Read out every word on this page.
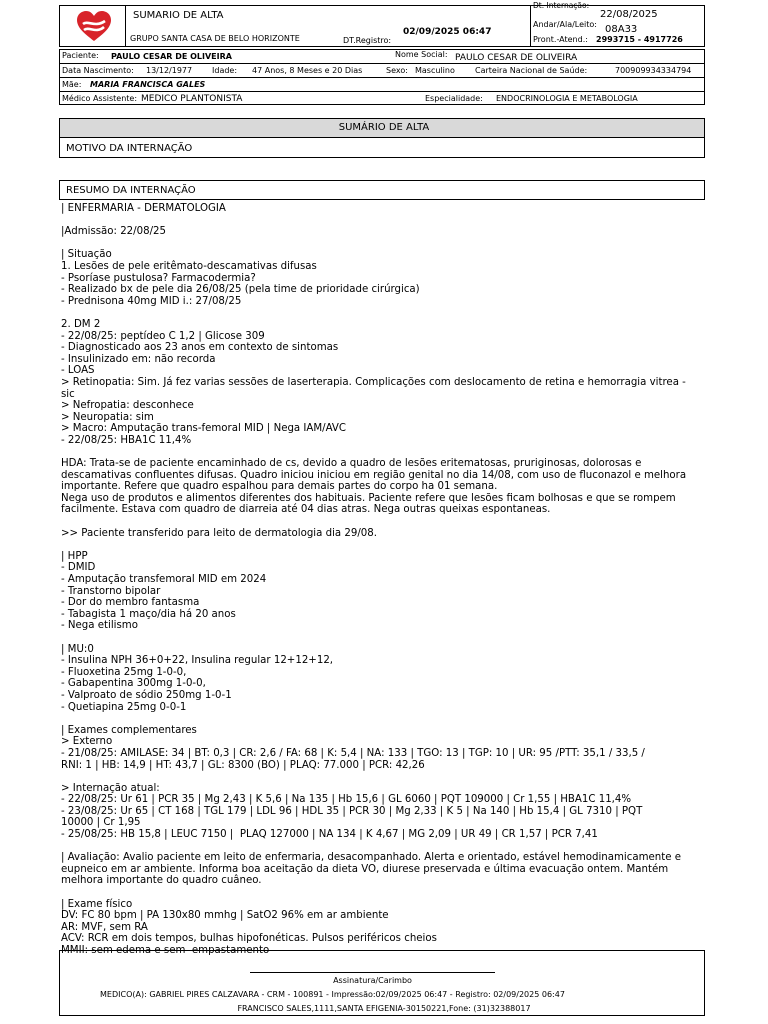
SUMARIO DE ALTA
GRUPO SANTA CASA DE BELO HORIZONTE
02/09/2025 06:47
DT.Registro:
Dt. Internação:
22/08/2025
Andar/Ala/Leito: 08A33
Pront.-Atend.: 2993715 - 4917726
Paciente: PAULO CESAR DE OLIVEIRA	Nome Social: PAULO CESAR DE OLIVEIRA
Data Nascimento: 13/12/1977 Idade: 47 Anos, 8 Meses e 20 Dias	Sexo: Masculino	Carteira Nacional de Saúde:	700909934334794
Mãe: MARIA FRANCISCA GALES
Médico Assistente: MEDICO PLANTONISTA	Especialidade: ENDOCRINOLOGIA E METABOLOGIA
SUMÁRIO DE ALTA
MOTIVO DA INTERNAÇÃO
RESUMO DA INTERNAÇÃO
| ENFERMARIA - DERMATOLOGIA
|Admissão: 22/08/25
| Situação
1. Lesões de pele eritêmato-descamativas difusas
- Psoríase pustulosa? Farmacodermia?
- Realizado bx de pele dia 26/08/25 (pela time de prioridade cirúrgica)
- Prednisona 40mg MID i.: 27/08/25
2. DM 2
- 22/08/25: peptídeo C 1,2 | Glicose 309
- Diagnosticado aos 23 anos em contexto de sintomas
- Insulinizado em: não recorda
- LOAS
> Retinopatia: Sim. Já fez varias sessões de laserterapia. Complicações com deslocamento de retina e hemorragia vitrea -
sic
> Nefropatia: desconhece
> Neuropatia: sim
> Macro: Amputação trans-femoral MID | Nega IAM/AVC
- 22/08/25: HBA1C 11,4%
HDA: Trata-se de paciente encaminhado de cs, devido a quadro de lesões eritematosas, pruriginosas, dolorosas e
descamativas confluentes difusas. Quadro iniciou iniciou em região genital no dia 14/08, com uso de fluconazol e melhora
importante. Refere que quadro espalhou para demais partes do corpo ha 01 semana.
Nega uso de produtos e alimentos diferentes dos habituais. Paciente refere que lesões ficam bolhosas e que se rompem
facilmente. Estava com quadro de diarreia até 04 dias atras. Nega outras queixas espontaneas.
>> Paciente transferido para leito de dermatologia dia 29/08.
| HPP
- DMID
- Amputação transfemoral MID em 2024
- Transtorno bipolar
- Dor do membro fantasma
- Tabagista 1 maço/dia há 20 anos
- Nega etilismo
| MU:0
- Insulina NPH 36+0+22, Insulina regular 12+12+12,
- Fluoxetina 25mg 1-0-0,
- Gabapentina 300mg 1-0-0,
- Valproato de sódio 250mg 1-0-1
- Quetiapina 25mg 0-0-1
| Exames complementares
> Externo
- 21/08/25: AMILASE: 34 | BT: 0,3 | CR: 2,6 / FA: 68 | K: 5,4 | NA: 133 | TGO: 13 | TGP: 10 | UR: 95 /PTT: 35,1 / 33,5 /
RNI: 1 | HB: 14,9 | HT: 43,7 | GL: 8300 (BO) | PLAQ: 77.000 | PCR: 42,26
> Internação atual:
- 22/08/25: Ur 61 | PCR 35 | Mg 2,43 | K 5,6 | Na 135 | Hb 15,6 | GL 6060 | PQT 109000 | Cr 1,55 | HBA1C 11,4%
- 23/08/25: Ur 65 | CT 168 | TGL 179 | LDL 96 | HDL 35 | PCR 30 | Mg 2,33 | K 5 | Na 140 | Hb 15,4 | GL 7310 | PQT
10000 | Cr 1,95
- 25/08/25: HB 15,8 | LEUC 7150 |  PLAQ 127000 | NA 134 | K 4,67 | MG 2,09 | UR 49 | CR 1,57 | PCR 7,41
| Avaliação: Avalio paciente em leito de enfermaria, desacompanhado. Alerta e orientado, estável hemodinamicamente e
eupneico em ar ambiente. Informa boa aceitação da dieta VO, diurese preservada e última evacuação ontem. Mantém
melhora importante do quadro cuâneo.
| Exame físico
DV: FC 80 bpm | PA 130x80 mmhg | SatO2 96% em ar ambiente
AR: MVF, sem RA
ACV: RCR em dois tempos, bulhas hipofonéticas. Pulsos periféricos cheios
MMII: sem edema e sem  empastamento
Assinatura/Carimbo
MEDICO(A): GABRIEL PIRES CALZAVARA - CRM - 100891 - Impressão:02/09/2025 06:47 - Registro: 02/09/2025 06:47
FRANCISCO SALES,1111,SANTA EFIGENIA-30150221,Fone: (31)32388017
